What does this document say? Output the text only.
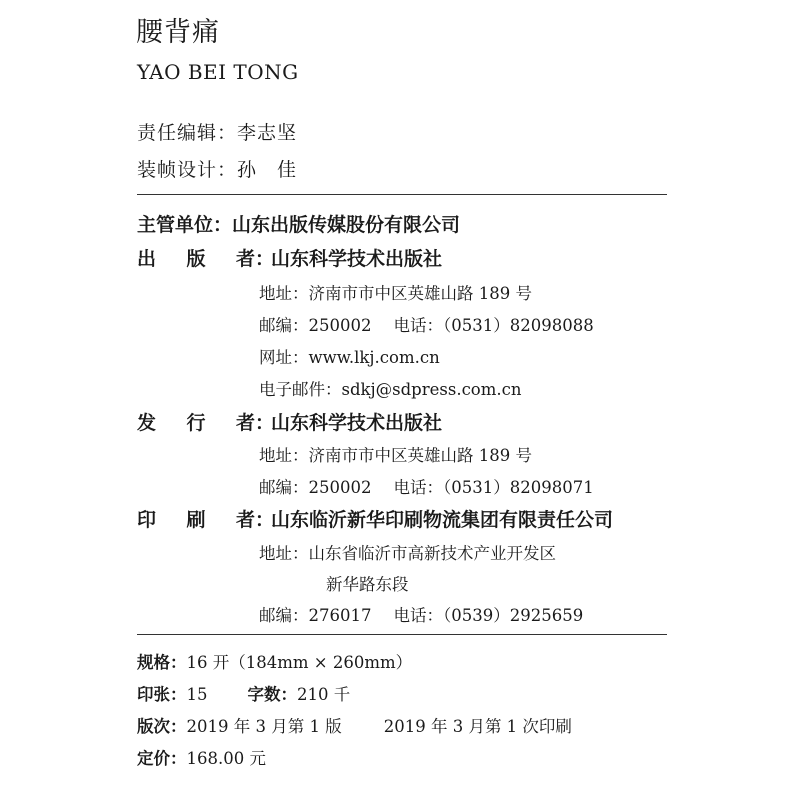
腰背痛
YAO BEI TONG
责任编辑：李志坚
装帧设计：孙　佳
主管单位：山东出版传媒股份有限公司
出 版 者：山东科学技术出版社
地址：济南市市中区英雄山路 189 号
邮编：250002 电话：（0531）82098088
网址：www.lkj.com.cn
电子邮件：sdkj@sdpress.com.cn
发 行 者：山东科学技术出版社
地址：济南市市中区英雄山路 189 号
邮编：250002 电话：（0531）82098071
印 刷 者：山东临沂新华印刷物流集团有限责任公司
地址：山东省临沂市高新技术产业开发区
新华路东段
邮编：276017 电话：（0539）2925659
规格：16 开（184mm × 260mm）
印张：15 字数：210 千
版次：2019 年 3 月第 1 版	2019 年 3 月第 1 次印刷
定价：168.00 元
